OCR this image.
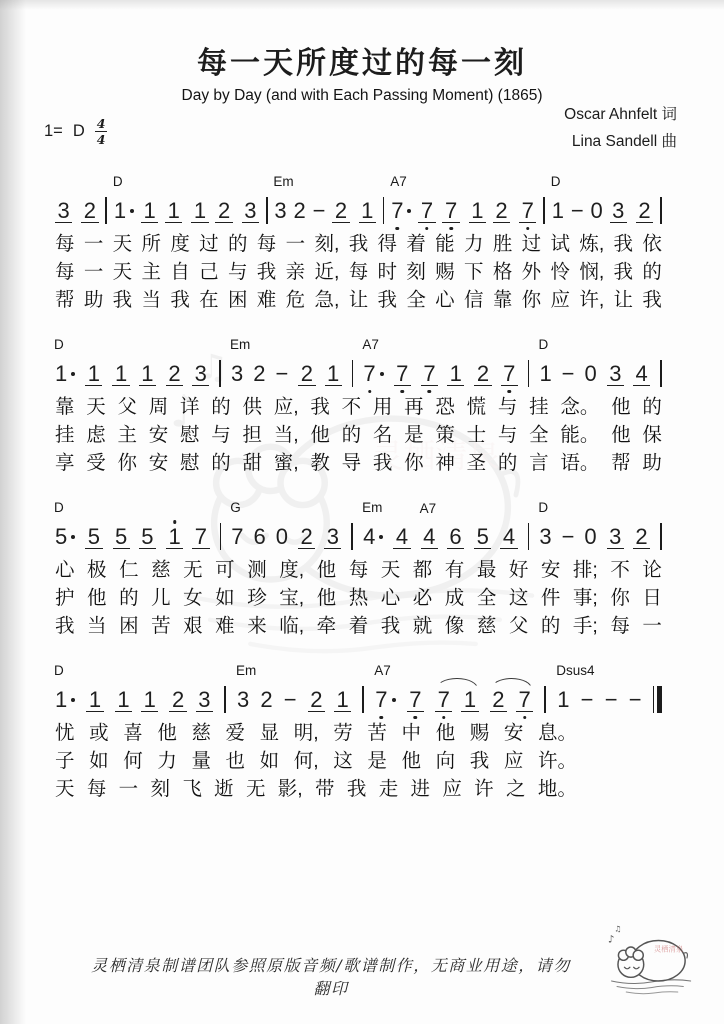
每一天所度过的每一刻
Day by Day (and with Each Passing Moment) (1865)
Oscar Ahnfelt 词
Lina Sandell 曲
1= D $\frac{4}{4}$
3 2
D
1 1 1 1 2 3
Em
3 2 − 2 1
A7
7 7 7 1 2 7
D
1 − 0 3 2
每 一 天 所 度 过 的 每 一 刻, 我 得 着 能 力 胜 过 试 炼, 我 依
每 一 天 主 自 己 与 我 亲 近, 每 时 刻 赐 下 格 外 怜 悯, 我 的
帮 助 我 当 我 在 困 难 危 急, 让 我 全 心 信 靠 你 应 许, 让 我
D
1 1 1 1 2 3
Em
3 2 − 2 1
A7
7 7 7 1 2 7
D
1 − 0 3 4
靠 天 父 周 详 的 供 应, 我 不 用 再 恐 慌 与 挂 念。 他 的
挂 虑 主 安 慰 与 担 当, 他 的 名 是 策 士 与 全 能。 他 保
享 受 你 安 慰 的 甜 蜜, 教 导 我 你 神 圣 的 言 语。 帮 助
D
5 5 5 5 1 7
G
7 6 0 2 3
Em
4 4
A7
4 6 5 4
D
3 − 0 3 2
心 极 仁 慈 无 可 测 度, 他 每 天 都 有 最 好 安 排; 不 论
护 他 的 儿 女 如 珍 宝, 他 热 心 必 成 全 这 件 事; 你 日
我 当 困 苦 艰 难 来 临, 牵 着 我 就 像 慈 父 的 手; 每 一
D
1 1 1 1 2 3
Em
3 2 − 2 1
A7
7 7 7 1 2 7
Dsus4
1 − − −
忧 或 喜 他 慈 爱 显 明, 劳 苦 中 他 赐 安 息。
子 如 何 力 量 也 如 何, 这 是 他 向 我 应 许。
天 每 一 刻 飞 逝 无 影, 带 我 走 进 应 许 之 地。
灵栖清泉制谱团队参照原版音频/歌谱制作，无商业用途，请勿翻印
